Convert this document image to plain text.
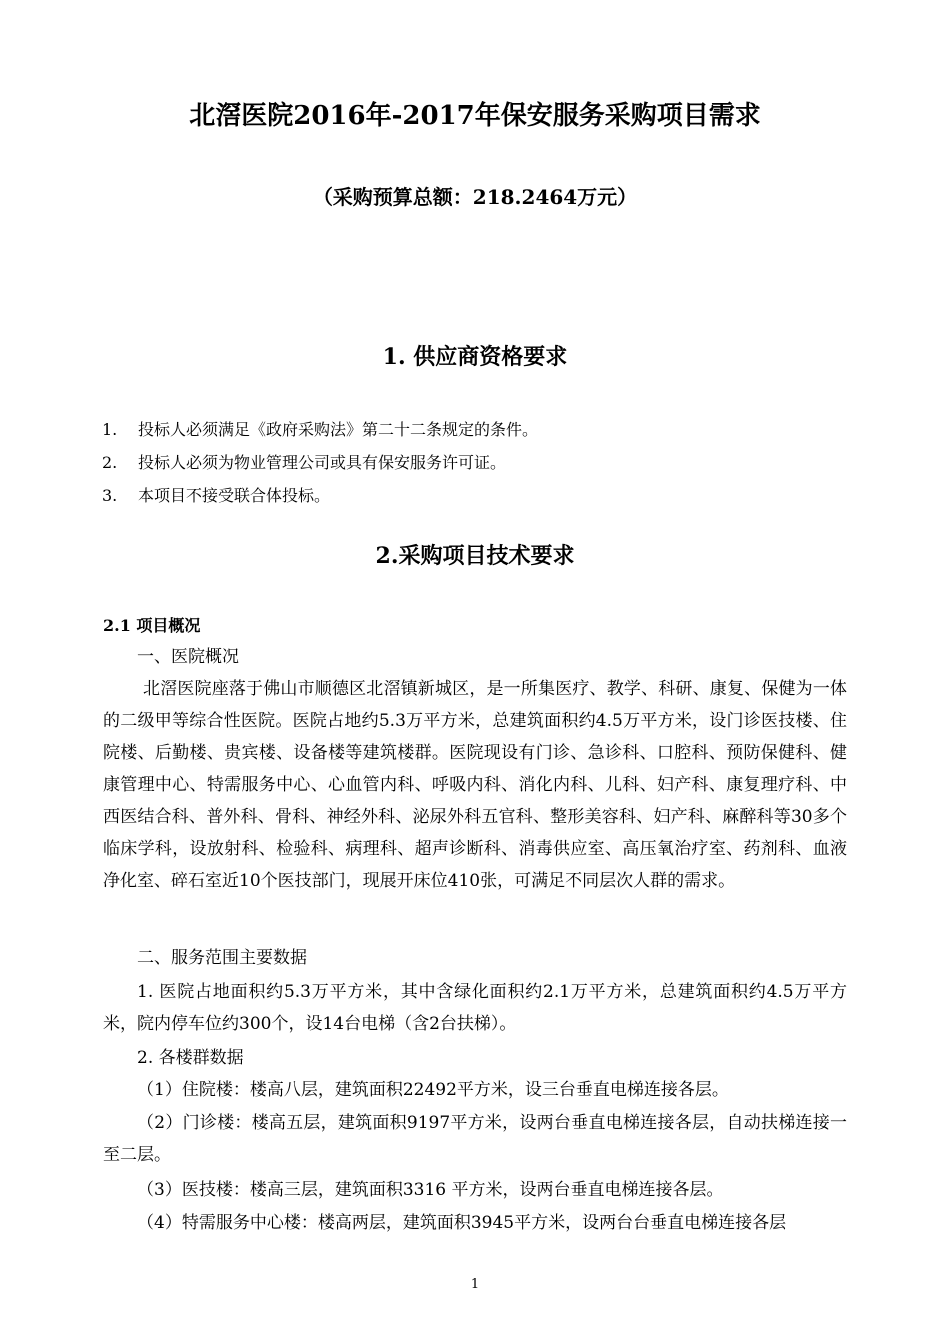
北滘医院2016年-2017年保安服务采购项目需求
（采购预算总额：218.2464万元）
1. 供应商资格要求
1. 投标人必须满足《政府采购法》第二十二条规定的条件。
2. 投标人必须为物业管理公司或具有保安服务许可证。
3. 本项目不接受联合体投标。
2.采购项目技术要求
2.1 项目概况
一、医院概况
北滘医院座落于佛山市顺德区北滘镇新城区，是一所集医疗、教学、科研、康复、保健为一体的二级甲等综合性医院。医院占地约5.3万平方米，总建筑面积约4.5万平方米，设门诊医技楼、住院楼、后勤楼、贵宾楼、设备楼等建筑楼群。医院现设有门诊、急诊科、口腔科、预防保健科、健康管理中心、特需服务中心、心血管内科、呼吸内科、消化内科、儿科、妇产科、康复理疗科、中西医结合科、普外科、骨科、神经外科、泌尿外科五官科、整形美容科、妇产科、麻醉科等30多个临床学科，设放射科、检验科、病理科、超声诊断科、消毒供应室、高压氧治疗室、药剂科、血液净化室、碎石室近10个医技部门，现展开床位410张，可满足不同层次人群的需求。
二、服务范围主要数据
1. 医院占地面积约5.3万平方米，其中含绿化面积约2.1万平方米，总建筑面积约4.5万平方米，院内停车位约300个，设14台电梯（含2台扶梯）。
2. 各楼群数据
（1）住院楼：楼高八层，建筑面积22492平方米，设三台垂直电梯连接各层。
（2）门诊楼：楼高五层，建筑面积9197平方米，设两台垂直电梯连接各层，自动扶梯连接一至二层。
（3）医技楼：楼高三层，建筑面积3316 平方米，设两台垂直电梯连接各层。
（4）特需服务中心楼：楼高两层，建筑面积3945平方米，设两台台垂直电梯连接各层
1
